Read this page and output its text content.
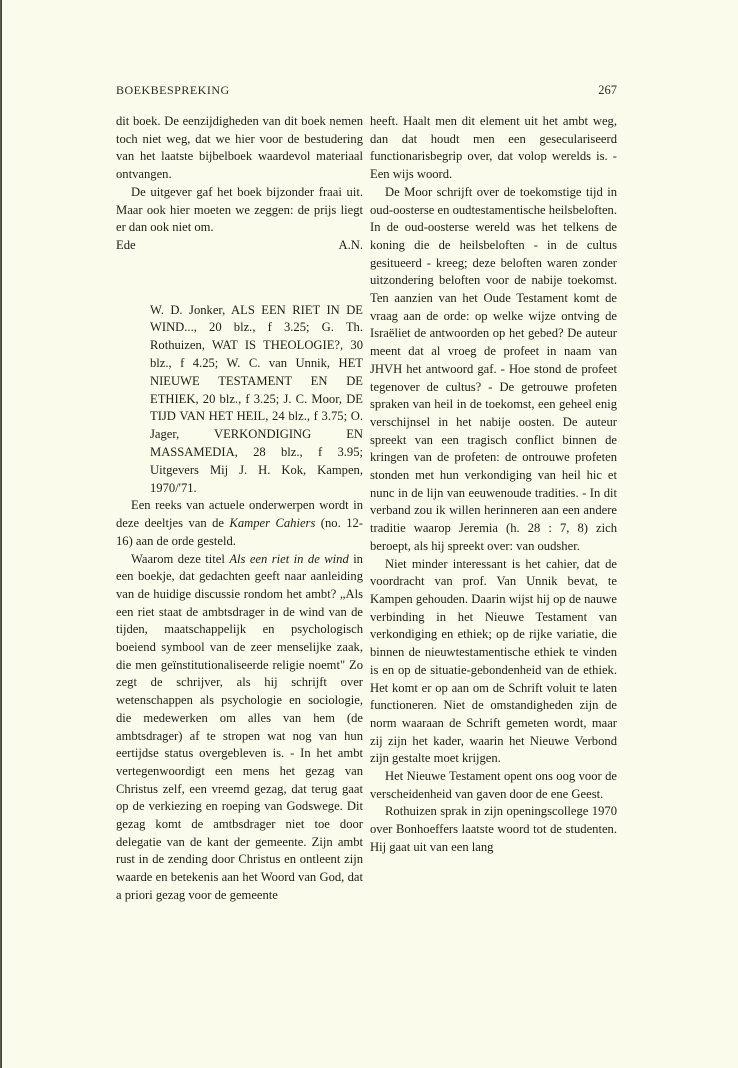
BOEKBESPREKING	267

dit boek. De eenzijdigheden van dit boek nemen toch niet weg, dat we hier voor de bestudering van het laatste bijbelboek waardevol materiaal ontvangen.

De uitgever gaf het boek bijzonder fraai uit. Maar ook hier moeten we zeggen: de prijs liegt er dan ook niet om.

Ede	A.N.

W. D. Jonker, ALS EEN RIET IN DE WIND..., 20 blz., f 3.25; G. Th. Rothuizen, WAT IS THEOLOGIE?, 30 blz., f 4.25; W. C. van Unnik, HET NIEUWE TESTAMENT EN DE ETHIEK, 20 blz., f 3.25; J. C. Moor, DE TIJD VAN HET HEIL, 24 blz., f 3.75; O. Jager, VERKONDIGING EN MASSAMEDIA, 28 blz., f 3.95; Uitgevers Mij J. H. Kok, Kampen, 1970/'71.

Een reeks van actuele onderwerpen wordt in deze deeltjes van de Kamper Cahiers (no. 12-16) aan de orde gesteld.

Waarom deze titel Als een riet in de wind in een boekje, dat gedachten geeft naar aanleiding van de huidige discussie rondom het ambt? „Als een riet staat de ambtsdrager in de wind van de tijden, maatschappelijk en psychologisch boeiend symbool van de zeer menselijke zaak, die men geïnstitutionaliseerde religie noemt" Zo zegt de schrijver, als hij schrijft over wetenschappen als psychologie en sociologie, die medewerken om alles van hem (de ambtsdrager) af te stropen wat nog van hun eertijdse status overgebleven is. - In het ambt vertegenwoordigt een mens het gezag van Christus zelf, een vreemd gezag, dat terug gaat op de verkiezing en roeping van Godswege. Dit gezag komt de amtbsdrager niet toe door delegatie van de kant der gemeente. Zijn ambt rust in de zending door Christus en ontleent zijn waarde en betekenis aan het Woord van God, dat a priori gezag voor de gemeente

heeft. Haalt men dit element uit het ambt weg, dan dat houdt men een geseculariseerd functionarisbegrip over, dat volop werelds is. - Een wijs woord.

De Moor schrijft over de toekomstige tijd in oud-oosterse en oudtestamentische heilsbeloften. In de oud-oosterse wereld was het telkens de koning die de heilsbeloften - in de cultus gesitueerd - kreeg; deze beloften waren zonder uitzondering beloften voor de nabije toekomst. Ten aanzien van het Oude Testament komt de vraag aan de orde: op welke wijze ontving de Israëliet de antwoorden op het gebed? De auteur meent dat al vroeg de profeet in naam van JHVH het antwoord gaf. - Hoe stond de profeet tegenover de cultus? - De getrouwe profeten spraken van heil in de toekomst, een geheel enig verschijnsel in het nabije oosten. De auteur spreekt van een tragisch conflict binnen de kringen van de profeten: de ontrouwe profeten stonden met hun verkondiging van heil hic et nunc in de lijn van eeuwenoude tradities. - In dit verband zou ik willen herinneren aan een andere traditie waarop Jeremia (h. 28 : 7, 8) zich beroept, als hij spreekt over: van oudsher.

Niet minder interessant is het cahier, dat de voordracht van prof. Van Unnik bevat, te Kampen gehouden. Daarin wijst hij op de nauwe verbinding in het Nieuwe Testament van verkondiging en ethiek; op de rijke variatie, die binnen de nieuwtestamentische ethiek te vinden is en op de situatie-gebondenheid van de ethiek. Het komt er op aan om de Schrift voluit te laten functioneren. Niet de omstandigheden zijn de norm waaraan de Schrift gemeten wordt, maar zij zijn het kader, waarin het Nieuwe Verbond zijn gestalte moet krijgen.

Het Nieuwe Testament opent ons oog voor de verscheidenheid van gaven door de ene Geest.

Rothuizen sprak in zijn openingscollege 1970 over Bonhoeffers laatste woord tot de studenten. Hij gaat uit van een lang
